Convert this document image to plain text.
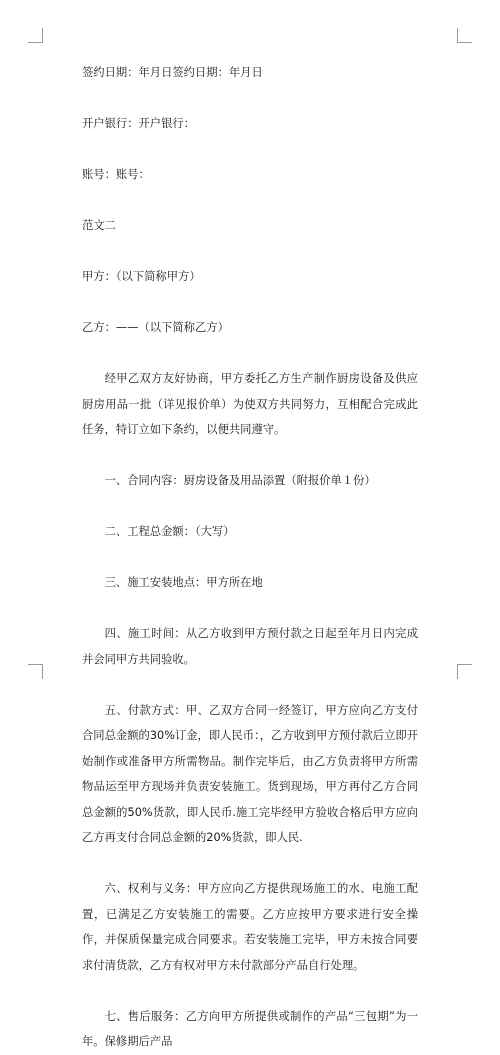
签约日期：年月日签约日期：年月日

开户银行：开户银行：

账号：账号：

范文二

甲方：（以下简称甲方）

乙方：——（以下简称乙方）

经甲乙双方友好协商，甲方委托乙方生产制作厨房设备及供应厨房用品一批（详见报价单）为使双方共同努力，互相配合完成此任务，特订立如下条约，以便共同遵守。

一、合同内容：厨房设备及用品添置（附报价单１份）

二、工程总金额：（大写）

三、施工安装地点：甲方所在地

四、施工时间：从乙方收到甲方预付款之日起至年月日内完成并会同甲方共同验收。

五、付款方式：甲、乙双方合同一经签订，甲方应向乙方支付合同总金额的30%订金，即人民币：，乙方收到甲方预付款后立即开始制作或准备甲方所需物品。制作完毕后，由乙方负责将甲方所需物品运至甲方现场并负责安装施工。货到现场，甲方再付乙方合同总金额的50%货款，即人民币.施工完毕经甲方验收合格后甲方应向乙方再支付合同总金额的20%货款，即人民.

六、权利与义务：甲方应向乙方提供现场施工的水、电施工配置，已满足乙方安装施工的需要。乙方应按甲方要求进行安全操作，并保质保量完成合同要求。若安装施工完毕，甲方未按合同要求付清货款，乙方有权对甲方未付款部分产品自行处理。

七、售后服务：乙方向甲方所提供或制作的产品“三包期”为一年。保修期后产品
